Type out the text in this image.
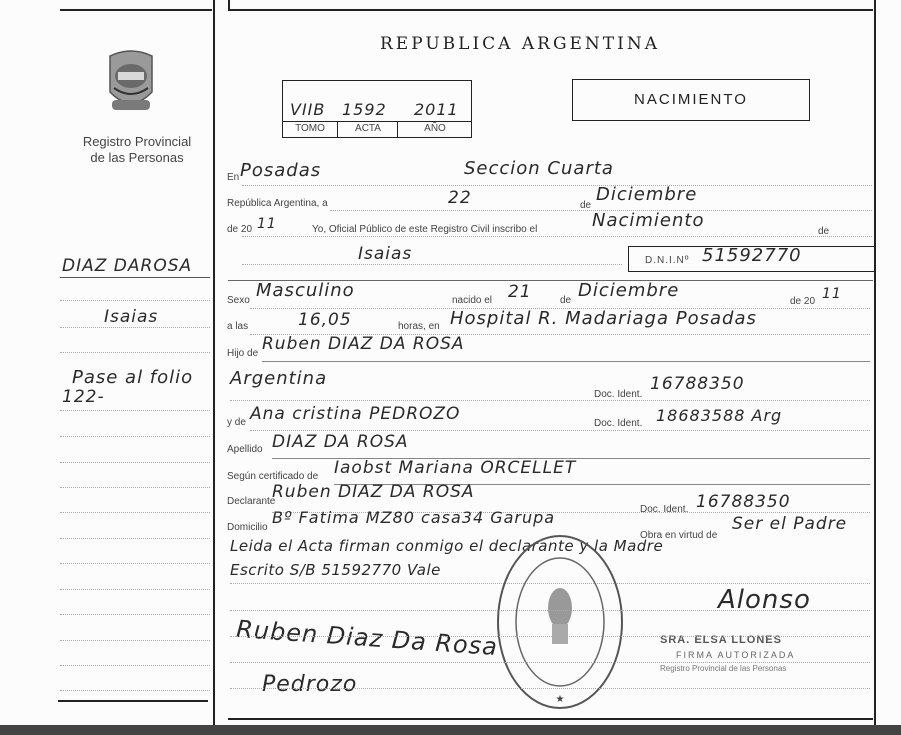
Registro Provincial
de las Personas
DIAZ DAROSA
Isaias
Pase al folio
122-
REPUBLICA ARGENTINA
NACIMIENTO
VIIB 1592 2011
TOMO	ACTA	AÑO
En Posadas	Seccion Cuarta
República Argentina, a	22	de
Diciembre
de 20 11	Yo, Oficial Público de este Registro Civil inscribo el	Nacimiento
de
Isaias	D.N.I.Nº 51592770
Sexo Masculino	nacido el 21	de Diciembre
de 20 11
a las	16,05	horas, en Hospital R. Madariaga Posadas
Hijo de Ruben DIAZ DA ROSA
Argentina
Doc. Ident.
16788350
y de Ana cristina PEDROZO	Doc. Ident. 18683588 Arg
Apellido DIAZ DA ROSA
Según certificado de Iaobst Mariana ORCELLET
Declarante
Ruben DIAZ DA ROSA
Doc. Ident. 16788350
Domicilio
Bº Fatima MZ80 casa34 Garupa
Obra en virtud de
Ser el Padre
Leida el Acta firman conmigo el declarante y la Madre
Escrito S/B 51592770 Vale
★
Alonso
SRA. ELSA LLONES
FIRMA AUTORIZADA
Registro Provincial de las Personas
Ruben Diaz Da Rosa
Pedrozo
